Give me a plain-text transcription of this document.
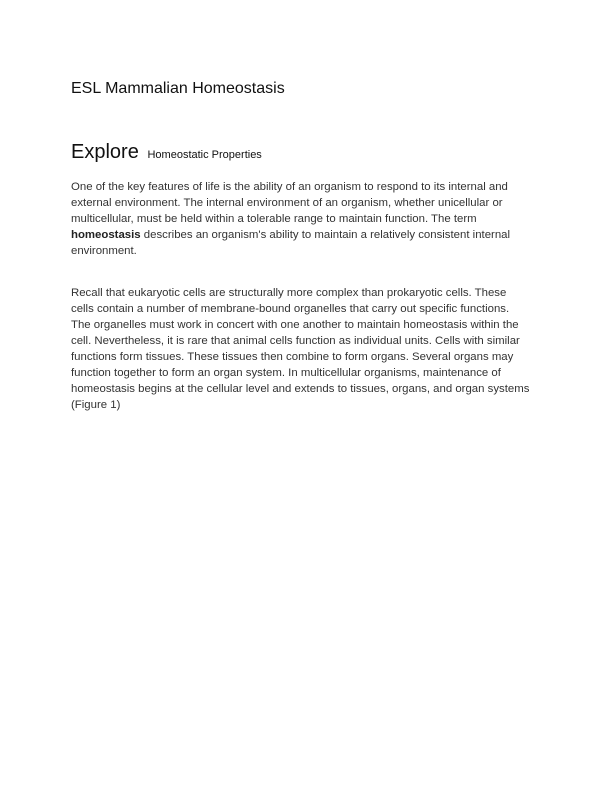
ESL Mammalian Homeostasis
Explore Homeostatic Properties

One of the key features of life is the ability of an organism to respond to its internal and external environment. The internal environment of an organism, whether unicellular or multicellular, must be held within a tolerable range to maintain function. The term homeostasis describes an organism's ability to maintain a relatively consistent internal environment.

Recall that eukaryotic cells are structurally more complex than prokaryotic cells. These cells contain a number of membrane-bound organelles that carry out specific functions. The organelles must work in concert with one another to maintain homeostasis within the cell. Nevertheless, it is rare that animal cells function as individual units. Cells with similar functions form tissues. These tissues then combine to form organs. Several organs may function together to form an organ system. In multicellular organisms, maintenance of homeostasis begins at the cellular level and extends to tissues, organs, and organ systems (Figure 1)
